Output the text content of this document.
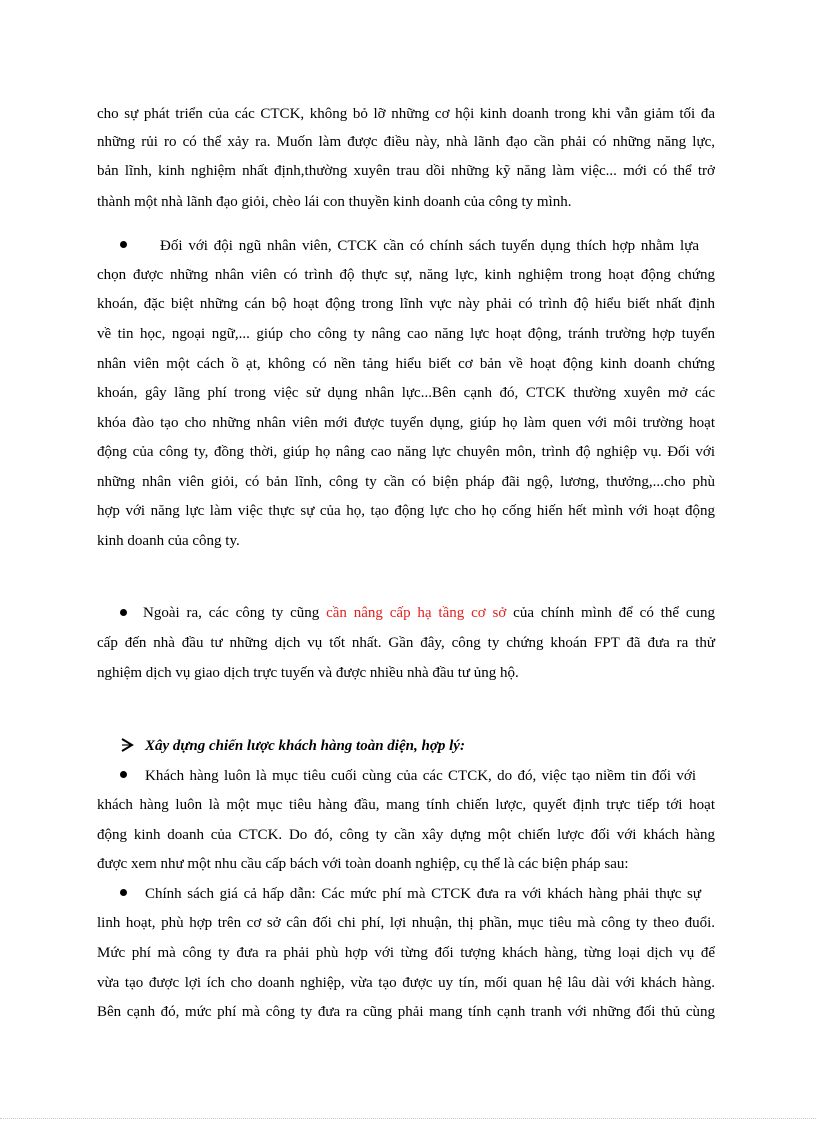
cho sự phát triển của các CTCK, không bỏ lỡ những cơ hội kinh doanh trong khi vẫn giảm tối đa
những rủi ro có thể xảy ra. Muốn làm được điều này, nhà lãnh đạo cần phải có những năng lực,
bản lĩnh, kinh nghiệm nhất định,thường xuyên trau dồi những kỹ năng làm việc... mới có thể trở
thành một nhà lãnh đạo giỏi, chèo lái con thuyền kinh doanh của công ty mình.
Đối với đội ngũ nhân viên, CTCK cần có chính sách tuyển dụng thích hợp nhằm lựa
chọn được những nhân viên có trình độ thực sự, năng lực, kinh nghiệm trong hoạt động chứng
khoán, đặc biệt những cán bộ hoạt động trong lĩnh vực này phải có trình độ hiểu biết nhất định
về tin học, ngoại ngữ,... giúp cho công ty nâng cao năng lực hoạt động, tránh trường hợp tuyển
nhân viên một cách ồ ạt, không có nền tảng hiểu biết cơ bản về hoạt động kinh doanh chứng
khoán, gây lãng phí trong việc sử dụng nhân lực...Bên cạnh đó, CTCK thường xuyên mở các
khóa đào tạo cho những nhân viên mới được tuyển dụng, giúp họ làm quen với môi trường hoạt
động của công ty, đồng thời, giúp họ nâng cao năng lực chuyên môn, trình độ nghiệp vụ. Đối với
những nhân viên giỏi, có bản lĩnh, công ty cần có biện pháp đãi ngộ, lương, thưởng,...cho phù
hợp với năng lực làm việc thực sự của họ, tạo động lực cho họ cống hiến hết mình với hoạt động
kinh doanh của công ty.
Ngoài ra, các công ty cũng cần nâng cấp hạ tầng cơ sở của chính mình để có thể cung
cấp đến nhà đầu tư những dịch vụ tốt nhất. Gần đây, công ty chứng khoán FPT đã đưa ra thử
nghiệm dịch vụ giao dịch trực tuyến và được nhiều nhà đầu tư ủng hộ.
Xây dựng chiến lược khách hàng toàn diện, hợp lý:
Khách hàng luôn là mục tiêu cuối cùng của các CTCK, do đó, việc tạo niềm tin đối với
khách hàng luôn là một mục tiêu hàng đầu, mang tính chiến lược, quyết định trực tiếp tới hoạt
động kinh doanh của CTCK. Do đó, công ty cần xây dựng một chiến lược đối với khách hàng
được xem như một nhu cầu cấp bách với toàn doanh nghiệp, cụ thể là các biện pháp sau:
Chính sách giá cả hấp dẫn: Các mức phí mà CTCK đưa ra với khách hàng phải thực sự
linh hoạt, phù hợp trên cơ sở cân đối chi phí, lợi nhuận, thị phần, mục tiêu mà công ty theo đuổi.
Mức phí mà công ty đưa ra phải phù hợp với từng đối tượng khách hàng, từng loại dịch vụ để
vừa tạo được lợi ích cho doanh nghiệp, vừa tạo được uy tín, mối quan hệ lâu dài với khách hàng.
Bên cạnh đó, mức phí mà công ty đưa ra cũng phải mang tính cạnh tranh với những đối thủ cùng
